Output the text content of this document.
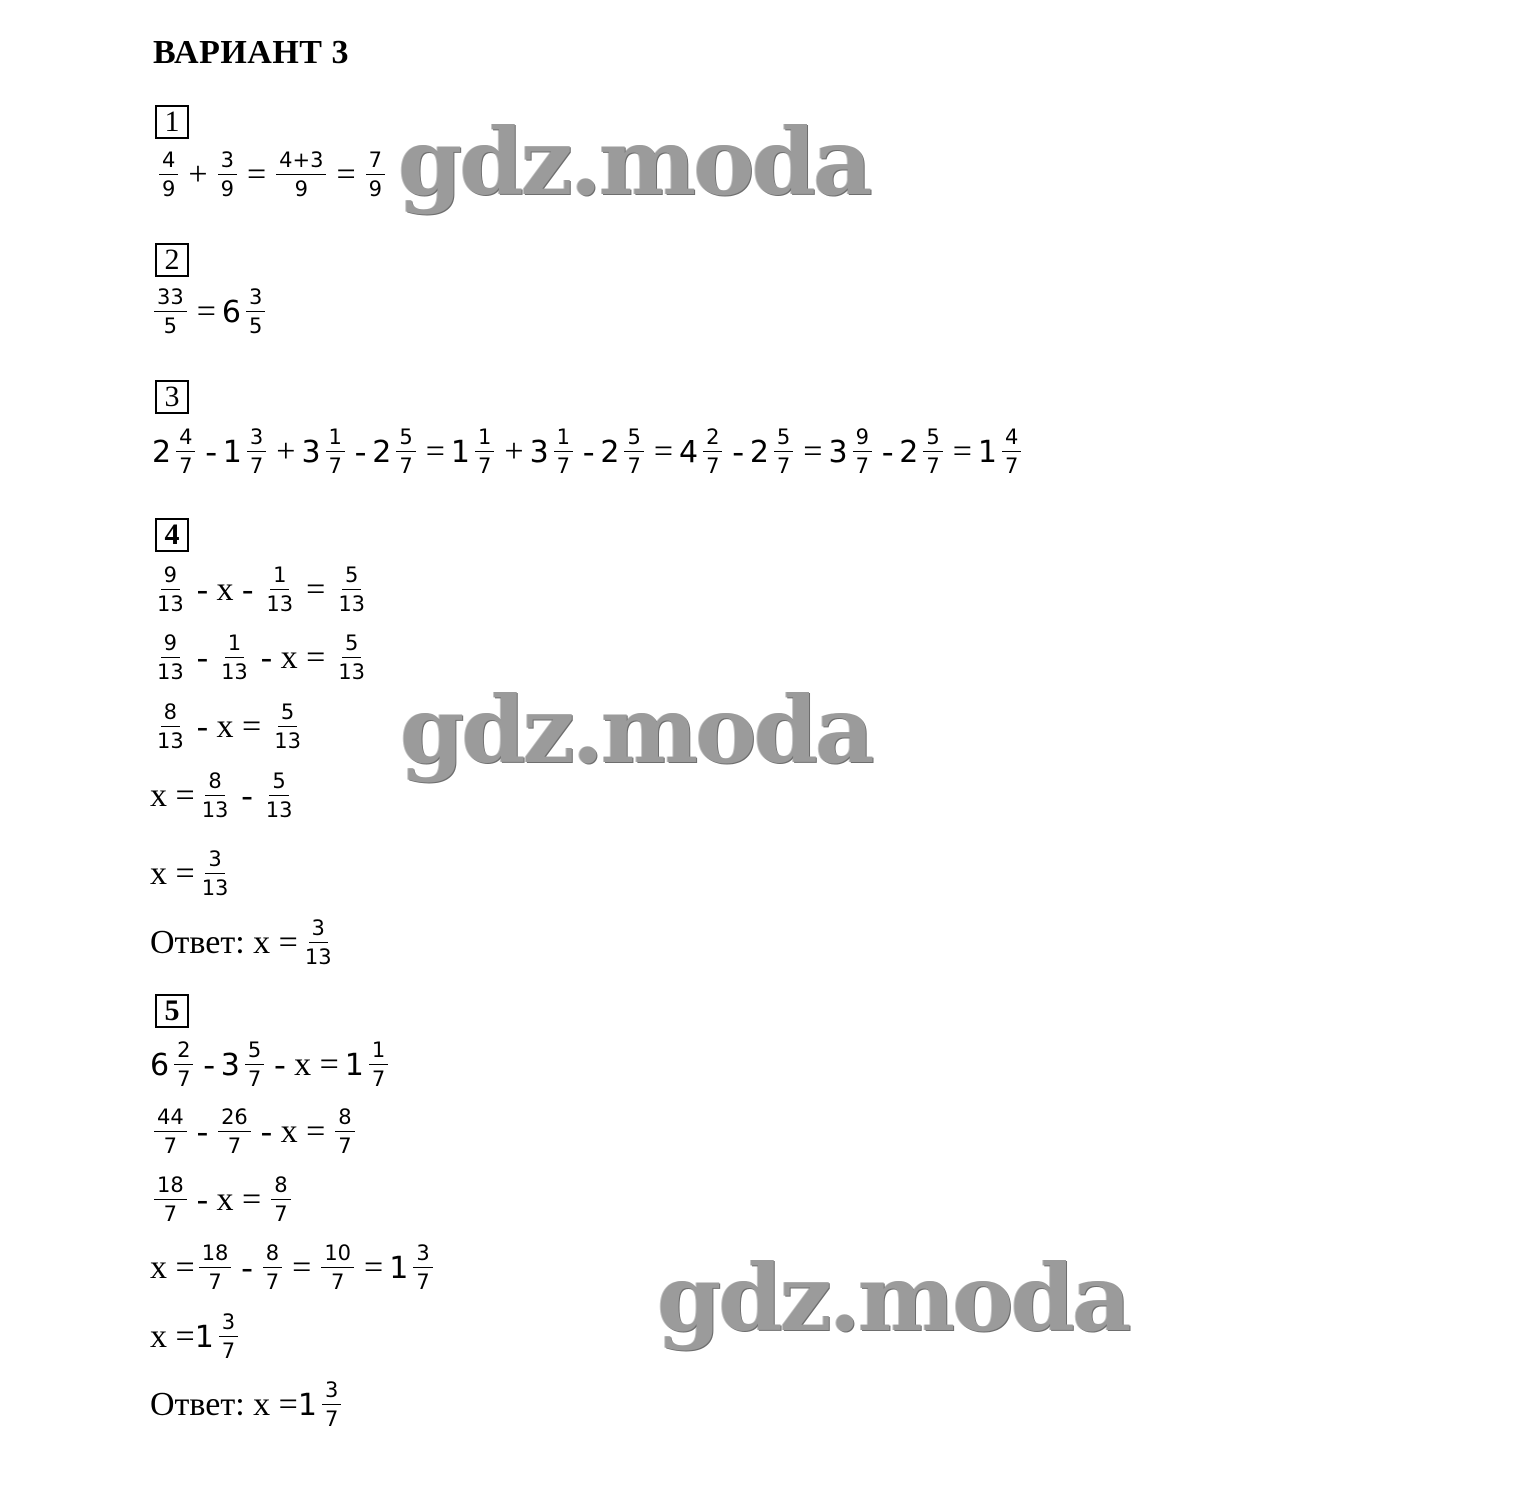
ВАРИАНТ 3
1
$\frac{4}{9} + \frac{3}{9} = \frac{4+3}{9} = \frac{7}{9}$
2
$\frac{33}{5} = 6 \frac{3}{5}$
3
$2 \frac{4}{7} - 1 \frac{3}{7} + 3 \frac{1}{7} - 2 \frac{5}{7} = 1 \frac{1}{7} + 3 \frac{1}{7} - 2 \frac{5}{7} = 4 \frac{2}{7} - 2 \frac{5}{7} = 3 \frac{9}{7} - 2 \frac{5}{7} = 1 \frac{4}{7}$
4
$\frac{9}{13} - x - \frac{1}{13} = \frac{5}{13}$
$\frac{9}{13} - \frac{1}{13} - x = \frac{5}{13}$
$\frac{8}{13} - x = \frac{5}{13}$
$x = \frac{8}{13} - \frac{5}{13}$
$x = \frac{3}{13}$
Ответ: $x = \frac{3}{13}$
5
$6 \frac{2}{7} - 3 \frac{5}{7} - x = 1 \frac{1}{7}$
$\frac{44}{7} - \frac{26}{7} - x = \frac{8}{7}$
$\frac{18}{7} - x = \frac{8}{7}$
$x = \frac{18}{7} - \frac{8}{7} = \frac{10}{7} = 1 \frac{3}{7}$
$x = 1 \frac{3}{7}$
Ответ: $x = 1 \frac{3}{7}$
gdz.moda
gdz.moda
gdz.moda
